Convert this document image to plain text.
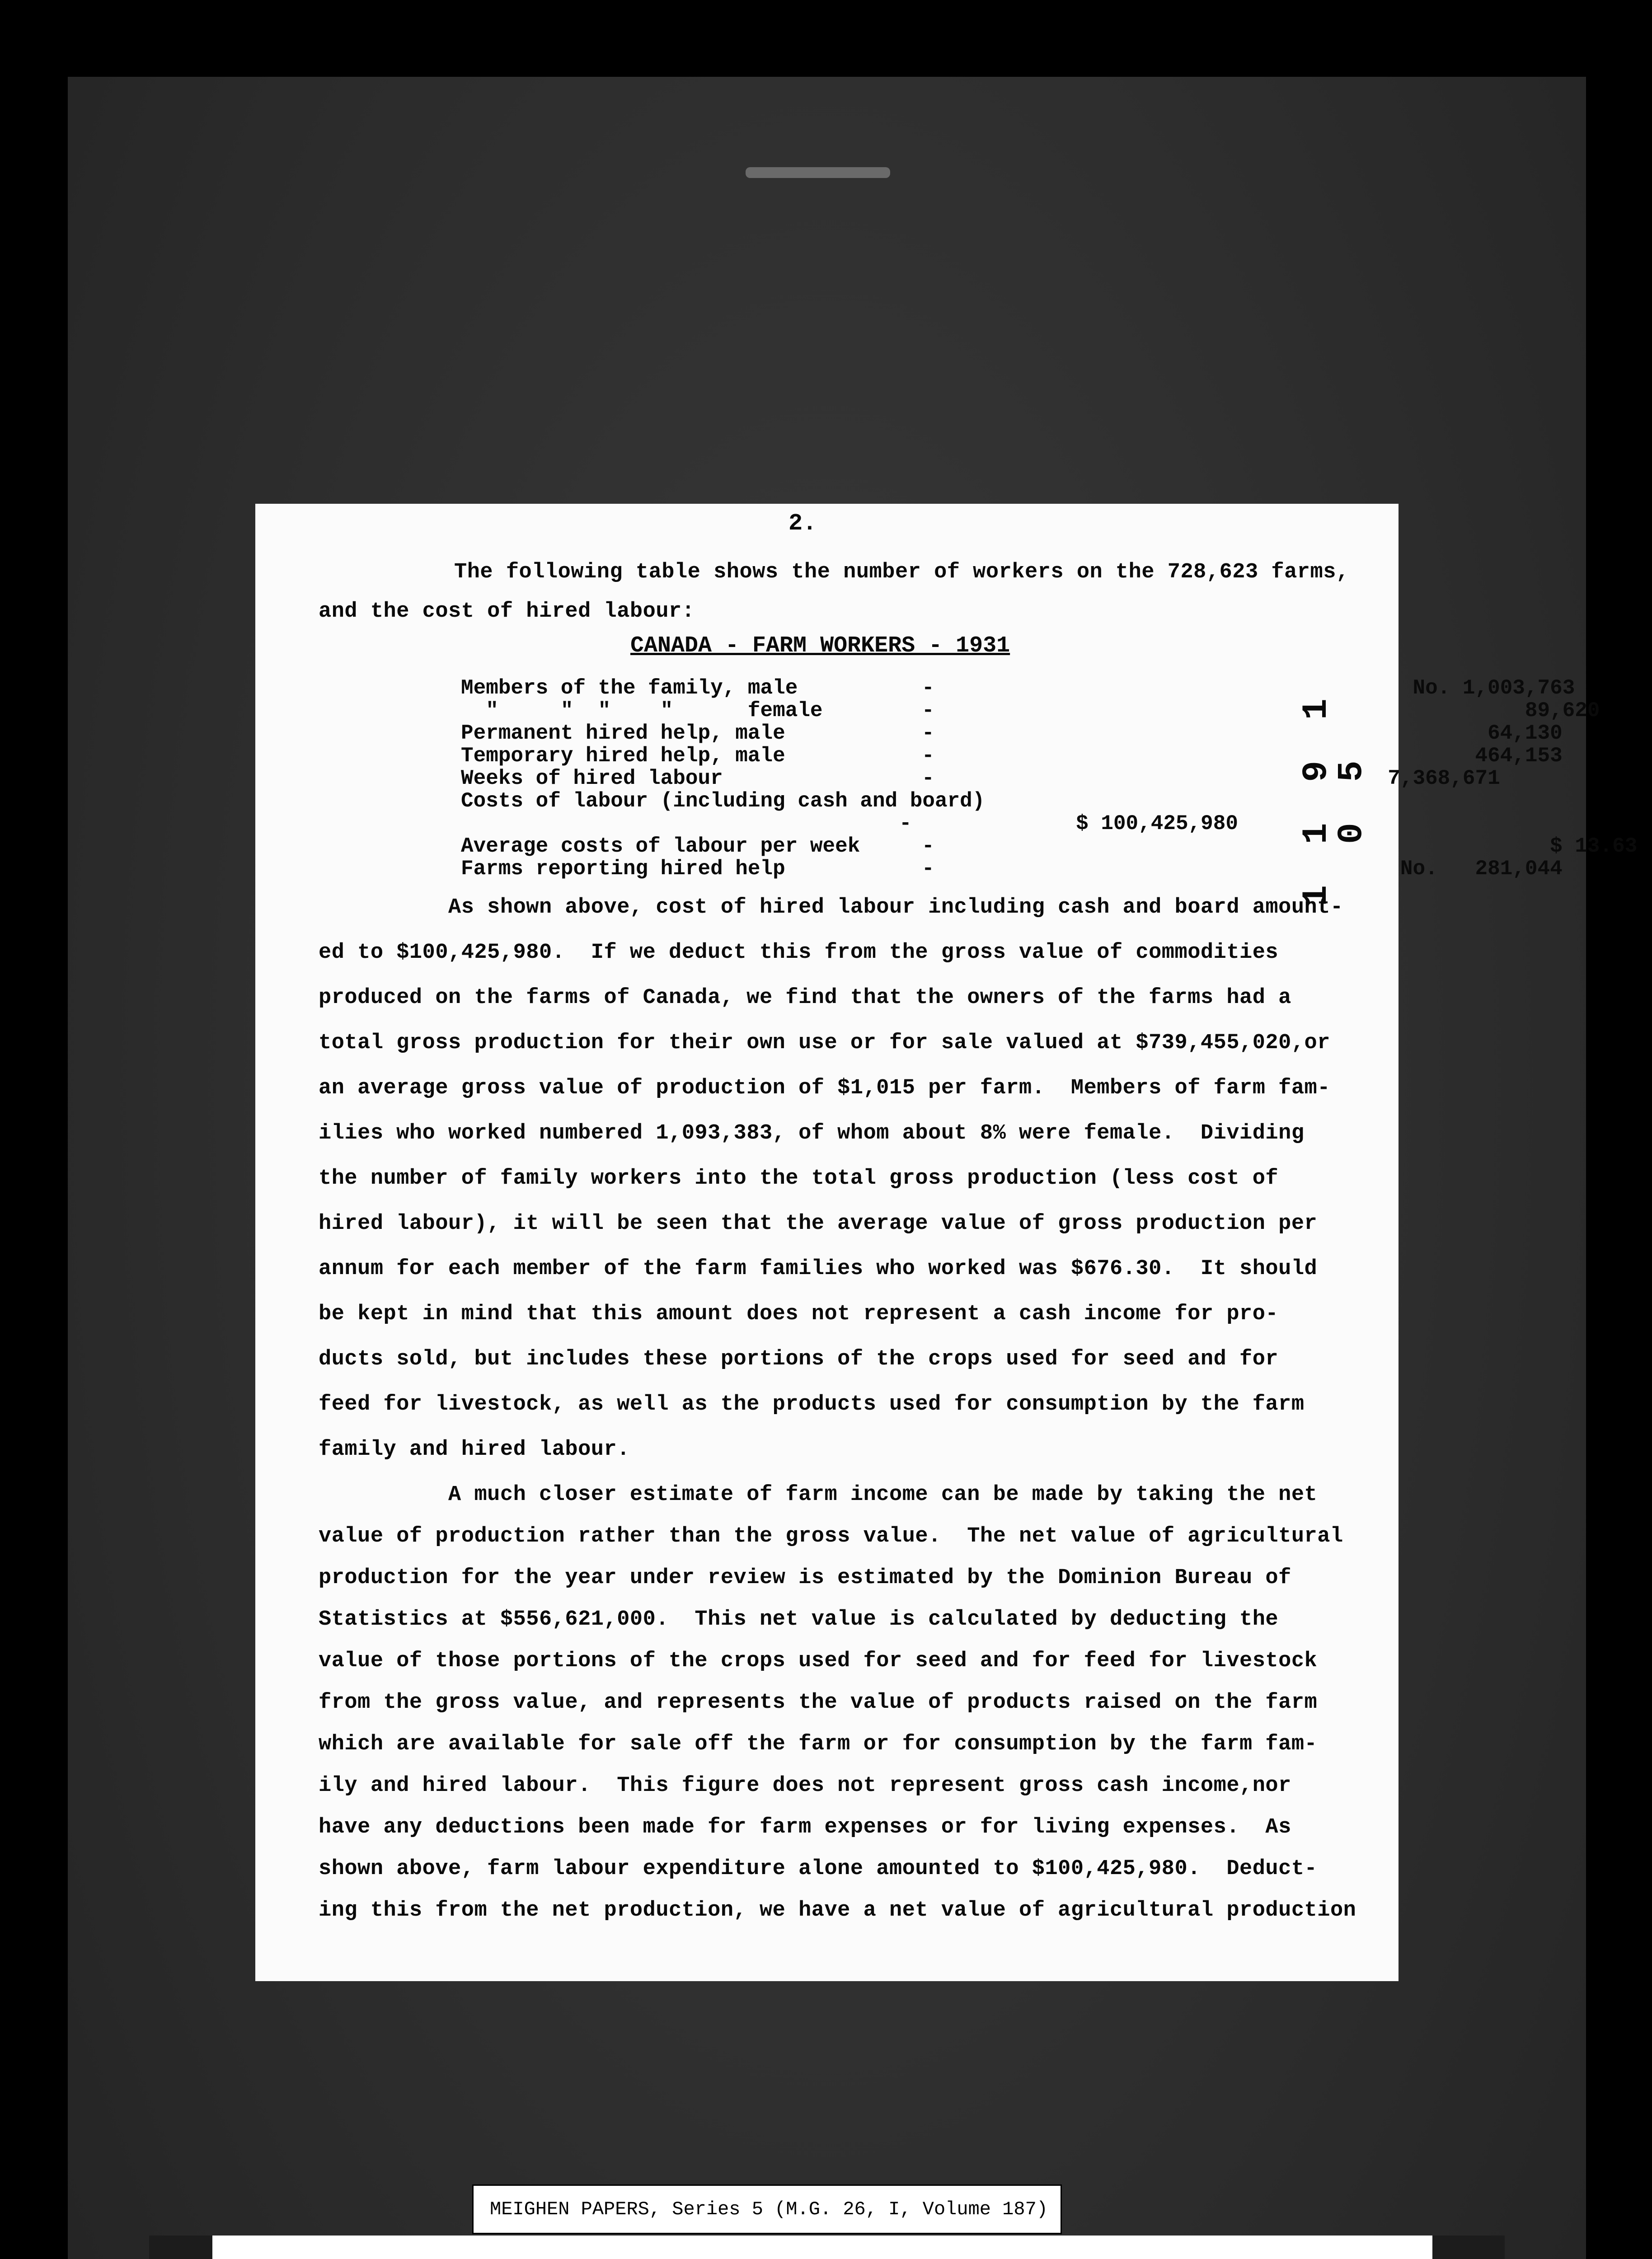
2.
The following table shows the number of workers on the 728,623 farms,
and the cost of hired labour:
CANADA - FARM WORKERS - 1931
Members of the family, male	-	No. 1,003,763
"     "  "    "      female	-	89,620
Permanent hired help, male	-	64,130
Temporary hired help, male	-	464,153
Weeks of hired labour	-	7,368,671
Costs of labour (including cash and board)
-	$ 100,425,980
Average costs of labour per week	-	$ 13.63
Farms reporting hired help	-	No.   281,044
1 1 9 1 0 5
As shown above, cost of hired labour including cash and board amount-
ed to $100,425,980.  If we deduct this from the gross value of commodities
produced on the farms of Canada, we find that the owners of the farms had a
total gross production for their own use or for sale valued at $739,455,020,or
an average gross value of production of $1,015 per farm.  Members of farm fam-
ilies who worked numbered 1,093,383, of whom about 8% were female.  Dividing
the number of family workers into the total gross production (less cost of
hired labour), it will be seen that the average value of gross production per
annum for each member of the farm families who worked was $676.30.  It should
be kept in mind that this amount does not represent a cash income for pro-
ducts sold, but includes these portions of the crops used for seed and for
feed for livestock, as well as the products used for consumption by the farm
family and hired labour.
A much closer estimate of farm income can be made by taking the net
value of production rather than the gross value.  The net value of agricultural
production for the year under review is estimated by the Dominion Bureau of
Statistics at $556,621,000.  This net value is calculated by deducting the
value of those portions of the crops used for seed and for feed for livestock
from the gross value, and represents the value of products raised on the farm
which are available for sale off the farm or for consumption by the farm fam-
ily and hired labour.  This figure does not represent gross cash income,nor
have any deductions been made for farm expenses or for living expenses.  As
shown above, farm labour expenditure alone amounted to $100,425,980.  Deduct-
ing this from the net production, we have a net value of agricultural production
MEIGHEN PAPERS, Series 5 (M.G. 26, I, Volume 187)
